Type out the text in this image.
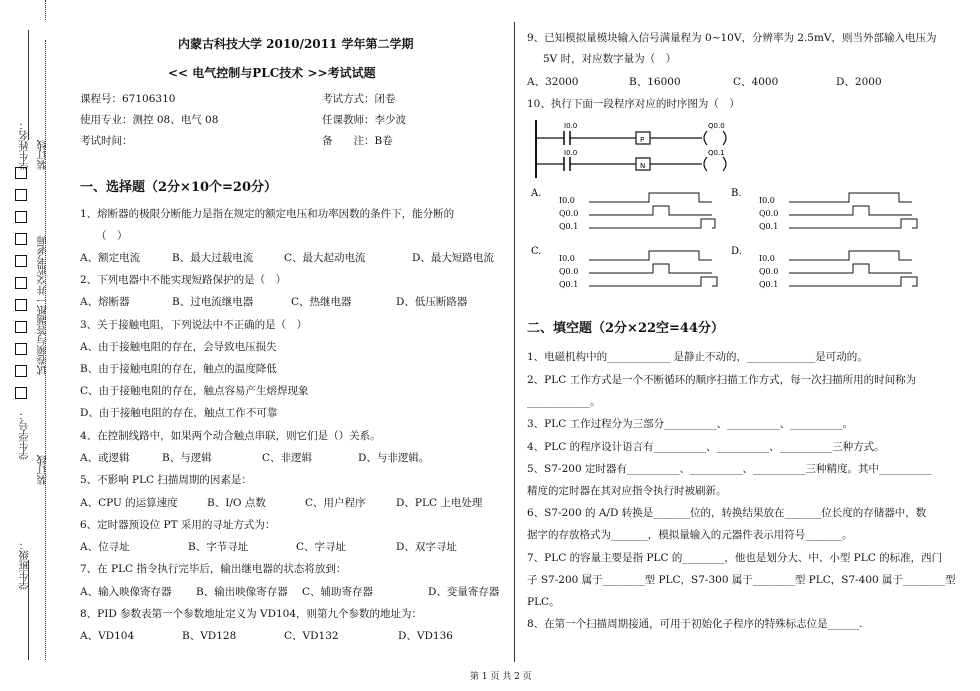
学生姓名： 装订线
试卷须与答题纸一并交监考老师
装订线
学生学号：
学生班级：
内蒙古科技大学 2010/2011 学年第二学期
<< 电气控制与PLC技术 >>考试试题
课程号：67106310	考试方式：闭卷
使用专业：测控 08、电气 08	任课教师：李少波
考试时间：	备　　注：B卷
一、选择题（2分×10个=20分）
1、熔断器的极限分断能力是指在规定的额定电压和功率因数的条件下，能分断的
（　）
A、额定电流	B、最大过载电流	C、最大起动电流	D、最大短路电流
2、下列电器中不能实现短路保护的是（　）
A、熔断器	B、过电流继电器	C、热继电器	D、低压断路器
3、关于接触电阻，下列说法中不正确的是（　）
A、由于接触电阻的存在，会导致电压损失
B、由于接触电阻的存在，触点的温度降低
C、由于接触电阻的存在，触点容易产生熔焊现象
D、由于接触电阻的存在，触点工作不可靠
4、在控制线路中，如果两个动合触点串联，则它们是（）关系。
A、或逻辑	B、与逻辑	C、非逻辑	D、与非逻辑。
5、不影响 PLC 扫描周期的因素是：
A、CPU 的运算速度	B、I/O 点数	C、用户程序	D、PLC 上电处理
6、定时器预设位 PT 采用的寻址方式为：
A、位寻址	B、字节寻址	C、字寻址	D、双字寻址
7、在 PLC 指令执行完毕后，输出继电器的状态将放到：
A、输入映像寄存器 B、输出映像寄存器 C、辅助寄存器	D、变量寄存器
8、PID 参数表第一个参数地址定义为 VD104，则第九个参数的地址为：
A、VD104	B、VD128	C、VD132	D、VD136
9、已知模拟量模块输入信号满量程为 0~10V，分辨率为 2.5mV，则当外部输入电压为
5V 时，对应数字量为（　）
A、32000	B、16000	C、4000	D、2000
10、执行下面一段程序对应的时序图为（　）
I0.0
P
Q0.0
I0.0
N
Q0.1
A.
I0.0
Q0.0
Q0.1
B.
I0.0
Q0.0
Q0.1
C.
I0.0
Q0.0
Q0.1
D.
I0.0
Q0.0
Q0.1
二、填空题（2分×22空=44分）
1、电磁机构中的____________ 是静止不动的，_____________是可动的。
2、PLC 工作方式是一个不断循环的顺序扫描工作方式，每一次扫描所用的时间称为
____________。
3、PLC 工作过程分为三部分__________、__________、__________。
4、PLC 的程序设计语言有__________、__________、__________三种方式。
5、S7-200 定时器有__________、__________、__________三种精度。其中__________
精度的定时器在其对应指令执行时被刷新。
6、S7-200 的 A/D 转换是_______位的，转换结果放在_______位长度的存储器中，数
据字的存放格式为_______，模拟量输入的元器件表示用符号_______。
7、PLC 的容量主要是指 PLC 的________，他也是划分大、中、小型 PLC 的标准，西门
子 S7-200 属于________型 PLC，S7-300 属于________型 PLC，S7-400 属于________型
PLC。
8、在第一个扫描周期接通，可用于初始化子程序的特殊标志位是______.
第 1 页 共 2 页
